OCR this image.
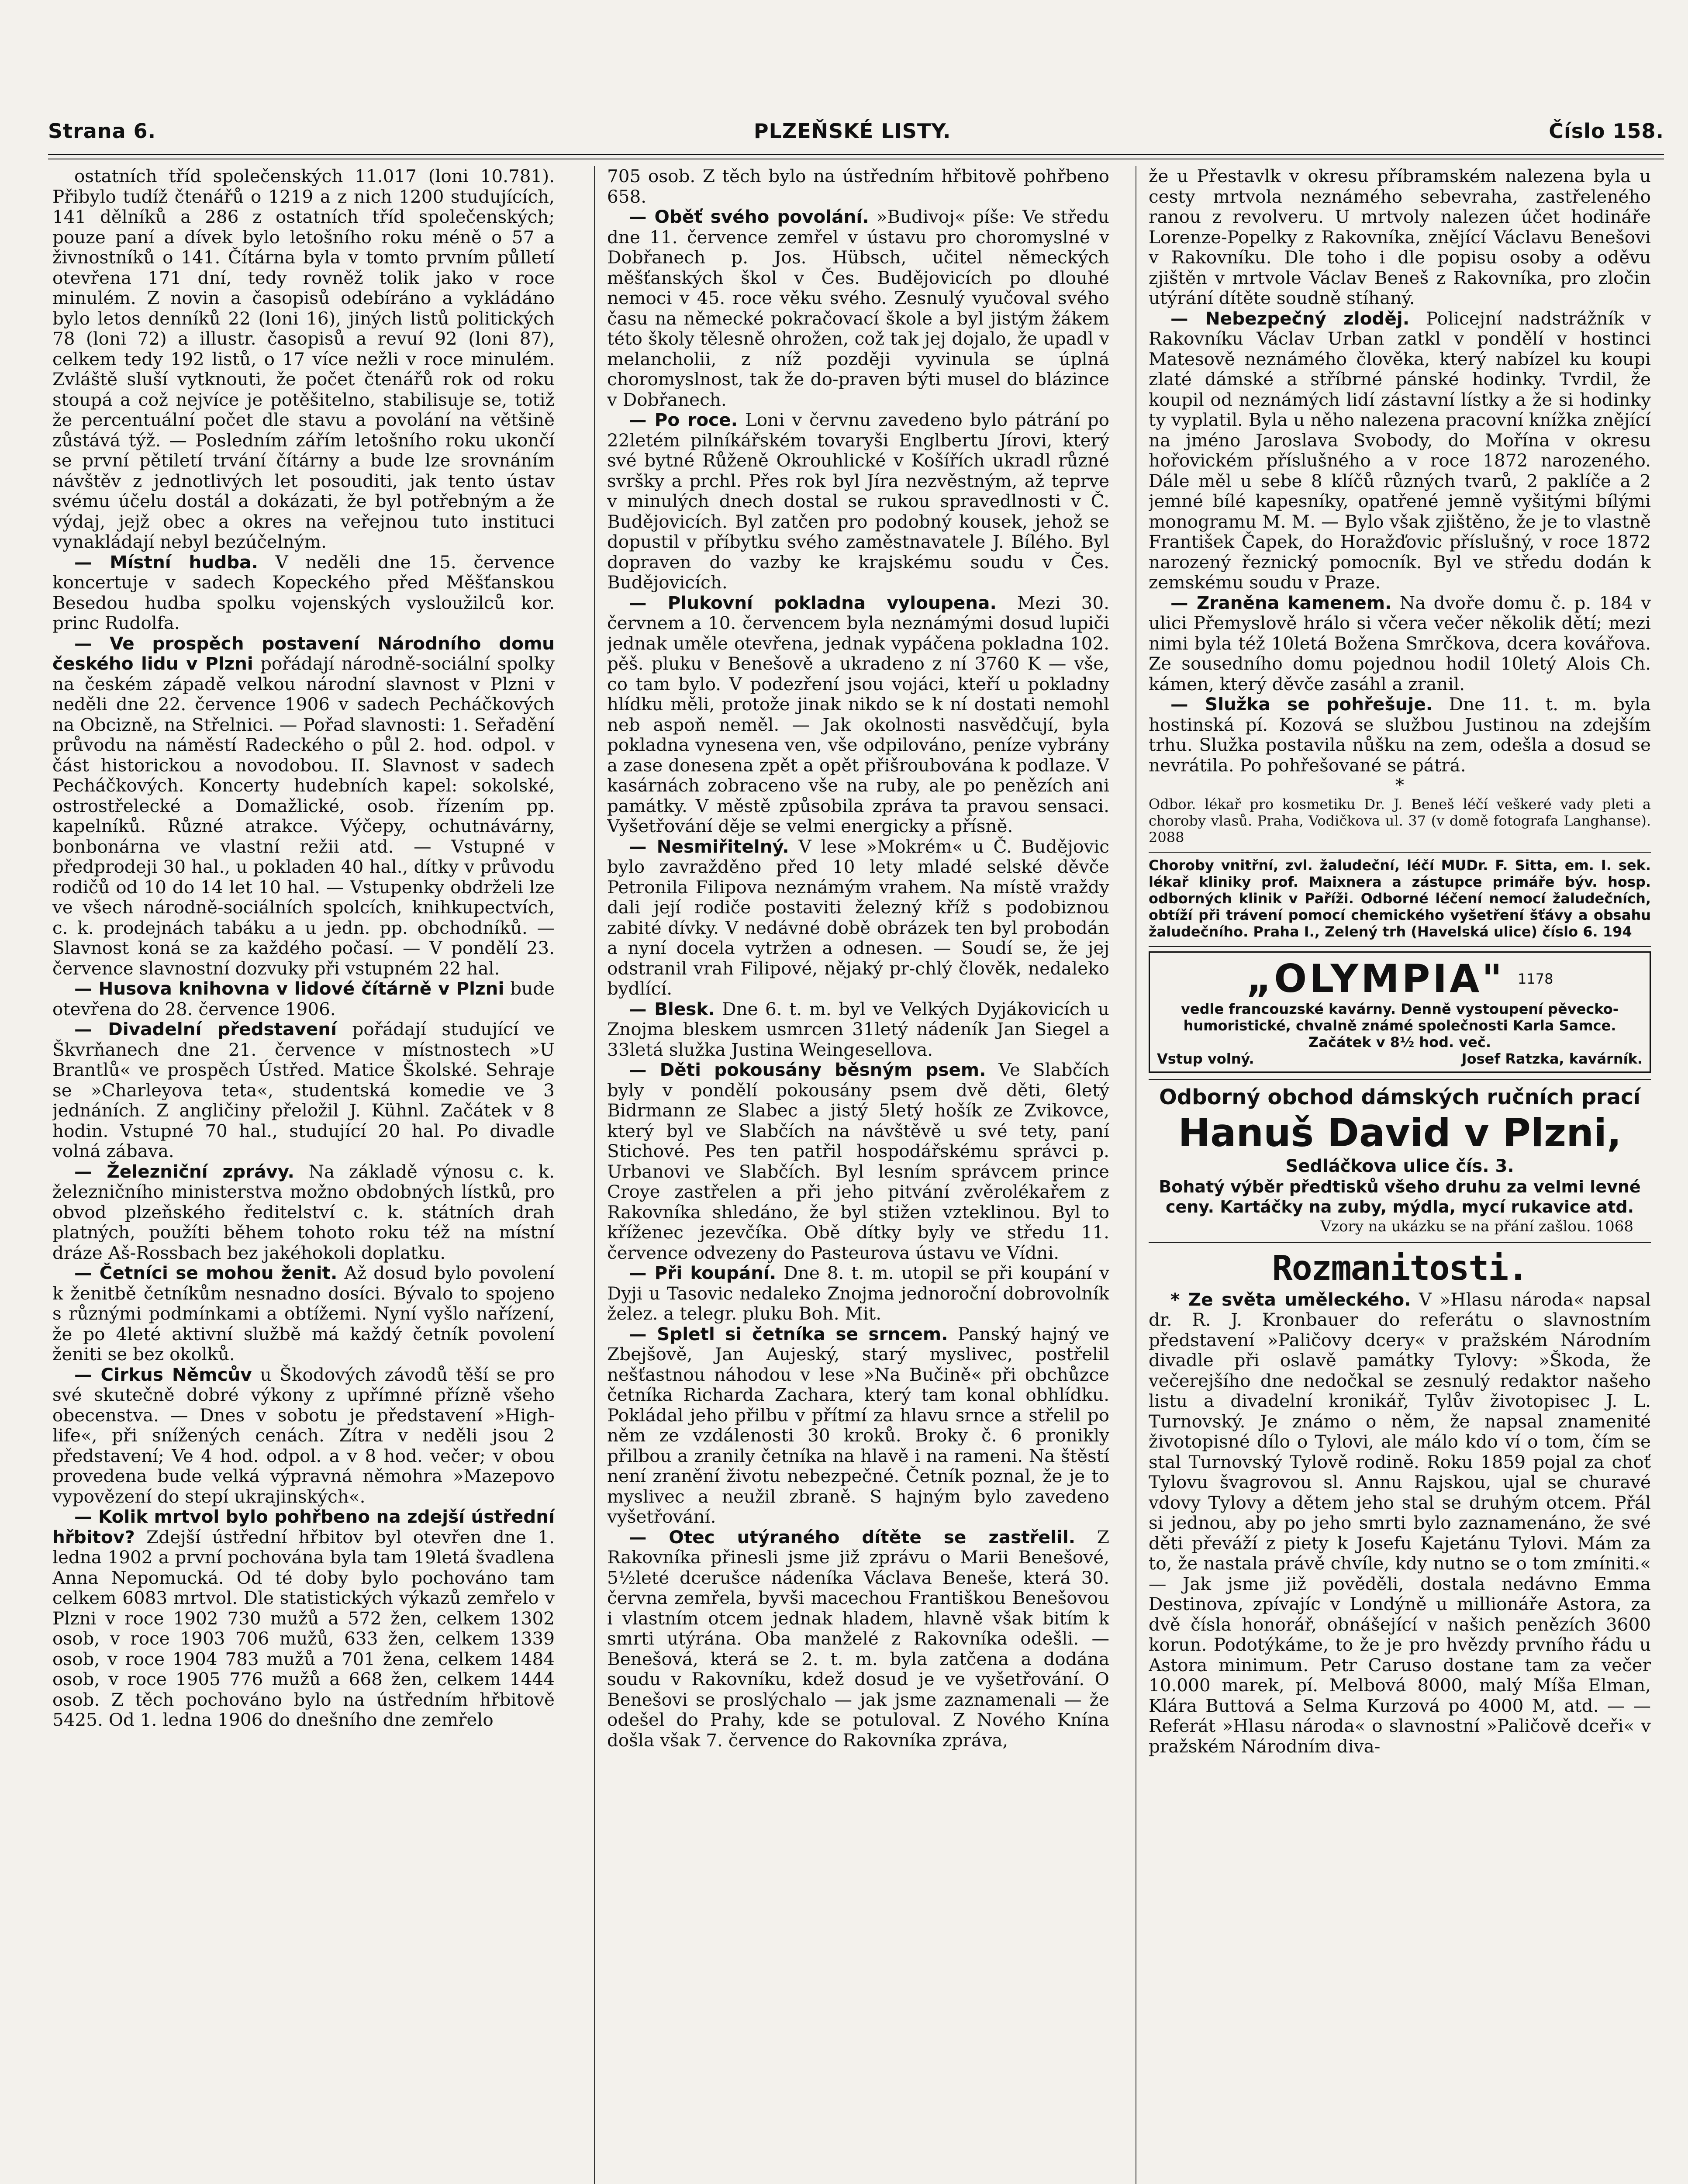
Strana 6.	PLZEŇSKÉ LISTY.	Číslo 158.

ostatních tříd společenských 11.017 (loni 10.781). Přibylo tudíž čtenářů o 1219 a z nich 1200 studujících, 141 dělníků a 286 z ostatních tříd společenských; pouze paní a dívek bylo letošního roku méně o 57 a živnostníků o 141. Čítárna byla v tomto prvním půlletí otevřena 171 dní, tedy rovněž tolik jako v roce minulém. Z novin a časopisů odebíráno a vykládáno bylo letos denníků 22 (loni 16), jiných listů politických 78 (loni 72) a illustr. časopisů a revuí 92 (loni 87), celkem tedy 192 listů, o 17 více nežli v roce minulém. Zvláště sluší vytknouti, že počet čtenářů rok od roku stoupá a což nejvíce je potěšitelno, stabilisuje se, totiž že percentuální počet dle stavu a povolání na většině zůstává týž. — Posledním zářím letošního roku ukončí se první pětiletí trvání čítárny a bude lze srovnáním návštěv z jednotlivých let posouditi, jak tento ústav svému účelu dostál a dokázati, že byl potřebným a že výdaj, jejž obec a okres na veřejnou tuto instituci vynakládají nebyl bezúčelným.

— Místní hudba. V neděli dne 15. července koncertuje v sadech Kopeckého před Měšťanskou Besedou hudba spolku vojenských vysloužilců kor. princ Rudolfa.

— Ve prospěch postavení Národního domu českého lidu v Plzni pořádají národně-sociální spolky na českém západě velkou národní slavnost v Plzni v neděli dne 22. července 1906 v sadech Pecháčkových na Obcizně, na Střelnici. — Pořad slavnosti: 1. Seřadění průvodu na náměstí Radeckého o půl 2. hod. odpol. v část historickou a novodobou. II. Slavnost v sadech Pecháčkových. Koncerty hudebních kapel: sokolské, ostrostřelecké a Domažlické, osob. řízením pp. kapelníků. Různé atrakce. Výčepy, ochutnávárny, bonbonárna ve vlastní režii atd. — Vstupné v předprodeji 30 hal., u pokladen 40 hal., dítky v průvodu rodičů od 10 do 14 let 10 hal. — Vstupenky obdrželi lze ve všech národně-sociálních spolcích, knihkupectvích, c. k. prodejnách tabáku a u jedn. pp. obchodníků. — Slavnost koná se za každého počasí. — V pondělí 23. července slavnostní dozvuky při vstupném 22 hal.

— Husova knihovna v lidové čítárně v Plzni bude otevřena do 28. července 1906.

— Divadelní představení pořádají studující ve Škvrňanech dne 21. července v místnostech »U Brantlů« ve prospěch Ústřed. Matice Školské. Sehraje se »Charleyova teta«, studentská komedie ve 3 jednáních. Z angličiny přeložil J. Kühnl. Začátek v 8 hodin. Vstupné 70 hal., studující 20 hal. Po divadle volná zábava.

— Železniční zprávy. Na základě výnosu c. k. železničního ministerstva možno obdobných lístků, pro obvod plzeňského ředitelství c. k. státních drah platných, použíti během tohoto roku též na místní dráze Aš-Rossbach bez jakéhokoli doplatku.

— Četníci se mohou ženit. Až dosud bylo povolení k ženitbě četníkům nesnadno dosíci. Bývalo to spojeno s různými podmínkami a obtížemi. Nyní vyšlo nařízení, že po 4leté aktivní službě má každý četník povolení ženiti se bez okolků.

— Cirkus Němcův u Škodových závodů těší se pro své skutečně dobré výkony z upřímné přízně všeho obecenstva. — Dnes v sobotu je představení »High-life«, při snížených cenách. Zítra v neděli jsou 2 představení; Ve 4 hod. odpol. a v 8 hod. večer; v obou provedena bude velká výpravná němohra »Mazepovo vypovězení do stepí ukrajinských«.

— Kolik mrtvol bylo pohřbeno na zdejší ústřední hřbitov? Zdejší ústřední hřbitov byl otevřen dne 1. ledna 1902 a první pochována byla tam 19letá švadlena Anna Nepomucká. Od té doby bylo pochováno tam celkem 6083 mrtvol. Dle statistických výkazů zemřelo v Plzni v roce 1902 730 mužů a 572 žen, celkem 1302 osob, v roce 1903 706 mužů, 633 žen, celkem 1339 osob, v roce 1904 783 mužů a 701 žena, celkem 1484 osob, v roce 1905 776 mužů a 668 žen, celkem 1444 osob. Z těch pochováno bylo na ústředním hřbitově 5425. Od 1. ledna 1906 do dnešního dne zemřelo

705 osob. Z těch bylo na ústředním hřbitově pohřbeno 658.

— Oběť svého povolání. »Budivoj« píše: Ve středu dne 11. července zemřel v ústavu pro choromyslné v Dobřanech p. Jos. Hübsch, učitel německých měšťanských škol v Čes. Budějovicích po dlouhé nemoci v 45. roce věku svého. Zesnulý vyučoval svého času na německé pokračovací škole a byl jistým žákem této školy tělesně ohrožen, což tak jej dojalo, že upadl v melancholii, z níž později vyvinula se úplná choromyslnost, tak že do-praven býti musel do blázince v Dobřanech.

— Po roce. Loni v červnu zavedeno bylo pátrání po 22letém pilníkářském tovaryši Englbertu Jírovi, který své bytné Růženě Okrouhlické v Košířích ukradl různé svršky a prchl. Přes rok byl Jíra nezvěstným, až teprve v minulých dnech dostal se rukou spravedlnosti v Č. Budějovicích. Byl zatčen pro podobný kousek, jehož se dopustil v příbytku svého zaměstnavatele J. Bílého. Byl dopraven do vazby ke krajskému soudu v Čes. Budějovicích.

— Plukovní pokladna vyloupena. Mezi 30. červnem a 10. červencem byla neznámými dosud lupiči jednak uměle otevřena, jednak vypáčena pokladna 102. pěš. pluku v Benešově a ukradeno z ní 3760 K — vše, co tam bylo. V podezření jsou vojáci, kteří u pokladny hlídku měli, protože jinak nikdo se k ní dostati nemohl neb aspoň neměl. — Jak okolnosti nasvědčují, byla pokladna vynesena ven, vše odpilováno, peníze vybrány a zase donesena zpět a opět přišroubována k podlaze. V kasárnách zobraceno vše na ruby, ale po penězích ani památky. V městě způsobila zpráva ta pravou sensaci. Vyšetřování děje se velmi energicky a přísně.

— Nesmiřitelný. V lese »Mokrém« u Č. Budějovic bylo zavražděno před 10 lety mladé selské děvče Petronila Filipova neznámým vrahem. Na místě vraždy dali její rodiče postaviti železný kříž s podobiznou zabité dívky. V nedávné době obrázek ten byl probodán a nyní docela vytržen a odnesen. — Soudí se, že jej odstranil vrah Filipové, nějaký pr-chlý člověk, nedaleko bydlící.

— Blesk. Dne 6. t. m. byl ve Velkých Dyjákovicích u Znojma bleskem usmrcen 31letý nádeník Jan Siegel a 33letá služka Justina Weingesellova.

— Děti pokousány běsným psem. Ve Slabčích byly v pondělí pokousány psem dvě děti, 6letý Bidrmann ze Slabec a jistý 5letý hošík ze Zvikovce, který byl ve Slabčích na návštěvě u své tety, paní Stichové. Pes ten patřil hospodářskému správci p. Urbanovi ve Slabčích. Byl lesním správcem prince Croye zastřelen a při jeho pitvání zvěrolékařem z Rakovníka shledáno, že byl stižen vzteklinou. Byl to kříženec jezevčíka. Obě dítky byly ve středu 11. července odvezeny do Pasteurova ústavu ve Vídni.

— Při koupání. Dne 8. t. m. utopil se při koupání v Dyji u Tasovic nedaleko Znojma jednoroční dobrovolník želez. a telegr. pluku Boh. Mit.

— Spletl si četníka se srncem. Panský hajný ve Zbejšově, Jan Aujeský, starý myslivec, postřelil nešťastnou náhodou v lese »Na Bučině« při obchůzce četníka Richarda Zachara, který tam konal obhlídku. Pokládal jeho přilbu v přítmí za hlavu srnce a střelil po něm ze vzdálenosti 30 kroků. Broky č. 6 pronikly přilbou a zranily četníka na hlavě i na rameni. Na štěstí není zranění životu nebezpečné. Četník poznal, že je to myslivec a neužil zbraně. S hajným bylo zavedeno vyšetřování.

— Otec utýraného dítěte se zastřelil. Z Rakovníka přinesli jsme již zprávu o Marii Benešové, 5½leté dcerušce nádeníka Václava Beneše, která 30. června zemřela, byvši macechou Františkou Benešovou i vlastním otcem jednak hladem, hlavně však bitím k smrti utýrána. Oba manželé z Rakovníka odešli. — Benešová, která se 2. t. m. byla zatčena a dodána soudu v Rakovníku, kdež dosud je ve vyšetřování. O Benešovi se proslýchalo — jak jsme zaznamenali — že odešel do Prahy, kde se potuloval. Z Nového Knína došla však 7. července do Rakovníka zpráva,

že u Přestavlk v okresu příbramském nalezena byla u cesty mrtvola neznámého sebevraha, zastřeleného ranou z revolveru. U mrtvoly nalezen účet hodináře Lorenze-Popelky z Rakovníka, znějící Václavu Benešovi v Rakovníku. Dle toho i dle popisu osoby a oděvu zjištěn v mrtvole Václav Beneš z Rakovníka, pro zločin utýrání dítěte soudně stíhaný.

— Nebezpečný zloděj. Policejní nadstrážník v Rakovníku Václav Urban zatkl v pondělí v hostinci Matesově neznámého člověka, který nabízel ku koupi zlaté dámské a stříbrné pánské hodinky. Tvrdil, že koupil od neznámých lidí zástavní lístky a že si hodinky ty vyplatil. Byla u něho nalezena pracovní knížka znějící na jméno Jaroslava Svobody, do Mořína v okresu hořovickém příslušného a v roce 1872 narozeného. Dále měl u sebe 8 klíčů různých tvarů, 2 paklíče a 2 jemné bílé kapesníky, opatřené jemně vyšitými bílými monogramu M. M. — Bylo však zjištěno, že je to vlastně František Čapek, do Horažďovic příslušný, v roce 1872 narozený řeznický pomocník. Byl ve středu dodán k zemskému soudu v Praze.

— Zraněna kamenem. Na dvoře domu č. p. 184 v ulici Přemyslově hrálo si včera večer několik dětí; mezi nimi byla též 10letá Božena Smrčkova, dcera kovářova. Ze sousedního domu pojednou hodil 10letý Alois Ch. kámen, který děvče zasáhl a zranil.

— Služka se pohřešuje. Dne 11. t. m. byla hostinská pí. Kozová se službou Justinou na zdejším trhu. Služka postavila nůšku na zem, odešla a dosud se nevrátila. Po pohřešované se pátrá.

*

Odbor. lékař pro kosmetiku Dr. J. Beneš léčí veškeré vady pleti a choroby vlasů. Praha, Vodičkova ul. 37 (v domě fotografa Langhanse). 2088

Choroby vnitřní, zvl. žaludeční, léčí MUDr. F. Sitta, em. I. sek. lékař kliniky prof. Maixnera a zástupce primáře býv. hosp. odborných klinik v Paříži. Odborné léčení nemocí žaludečních, obtíží při trávení pomocí chemického vyšetření šťávy a obsahu žaludečního. Praha I., Zelený trh (Havelská ulice) číslo 6. 194

„OLYMPIA" 1178
vedle francouzské kavárny. Denně vystoupení pěvecko-humoristické, chvalně známé společnosti Karla Samce. Začátek v 8½ hod. več.
Vstup volný.	Josef Ratzka, kavárník.
Odborný obchod dámských ručních prací
Hanuš David v Plzni,
Sedláčkova ulice čís. 3.
Bohatý výběr předtisků všeho druhu za velmi levné ceny. Kartáčky na zuby, mýdla, mycí rukavice atd.
Vzory na ukázku se na přání zašlou. 1068
Rozmanitosti.

* Ze světa uměleckého. V »Hlasu národa« napsal dr. R. J. Kronbauer do referátu o slavnostním představení »Paličovy dcery« v pražském Národním divadle při oslavě památky Tylovy: »Škoda, že večerejšího dne nedočkal se zesnulý redaktor našeho listu a divadelní kronikář, Tylův životopisec J. L. Turnovský. Je známo o něm, že napsal znamenité životopisné dílo o Tylovi, ale málo kdo ví o tom, čím se stal Turnovský Tylově rodině. Roku 1859 pojal za choť Tylovu švagrovou sl. Annu Rajskou, ujal se churavé vdovy Tylovy a dětem jeho stal se druhým otcem. Přál si jednou, aby po jeho smrti bylo zaznamenáno, že své děti převáží z piety k Josefu Kajetánu Tylovi. Mám za to, že nastala právě chvíle, kdy nutno se o tom zmíniti.« — Jak jsme již pověděli, dostala nedávno Emma Destinova, zpívajíc v Londýně u millionáře Astora, za dvě čísla honorář, obnášející v našich penězích 3600 korun. Podotýkáme, to že je pro hvězdy prvního řádu u Astora minimum. Petr Caruso dostane tam za večer 10.000 marek, pí. Melbová 8000, malý Míša Elman, Klára Buttová a Selma Kurzová po 4000 M, atd. — — Referát »Hlasu národa« o slavnostní »Paličově dceři« v pražském Národním diva-
